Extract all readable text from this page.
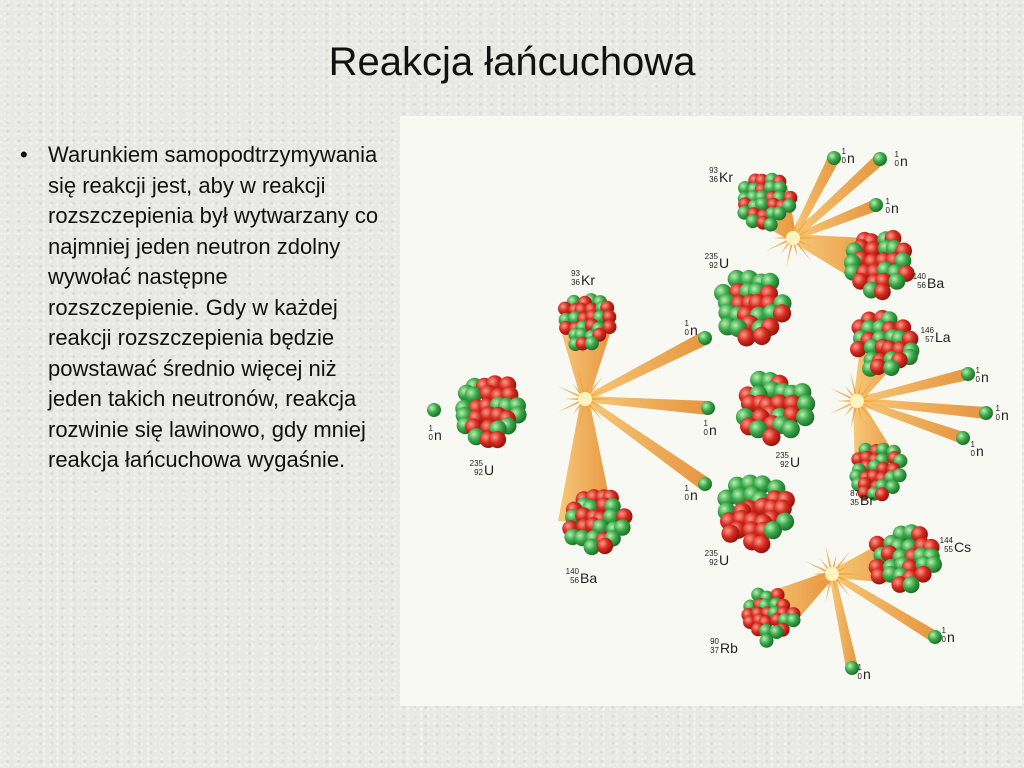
Reakcja łańcuchowa
• Warunkiem samopodtrzymywania się reakcji jest, aby w reakcji rozszczepienia był wytwarzany co najmniej jeden neutron zdolny wywołać następne rozszczepienie. Gdy w każdej reakcji rozszczepienia będzie powstawać średnio więcej niż jeden takich neutronów, reakcja rozwinie się lawinowo, gdy mniej reakcja łańcuchowa wygaśnie.
1
0 n
235
92 U
93
36 Kr
140
56 Ba
1
0 n
1
0 n
1
0 n
235
92 U
235
92 U
235
92 U
93
36 Kr
140
56 Ba
146
57 La
87
35 Br
144
55 Cs
90
37 Rb
1
0 n	1
0 n
1
0 n
1
0 n
1
0 n
1
0 n
1
0 n
1
0 n
